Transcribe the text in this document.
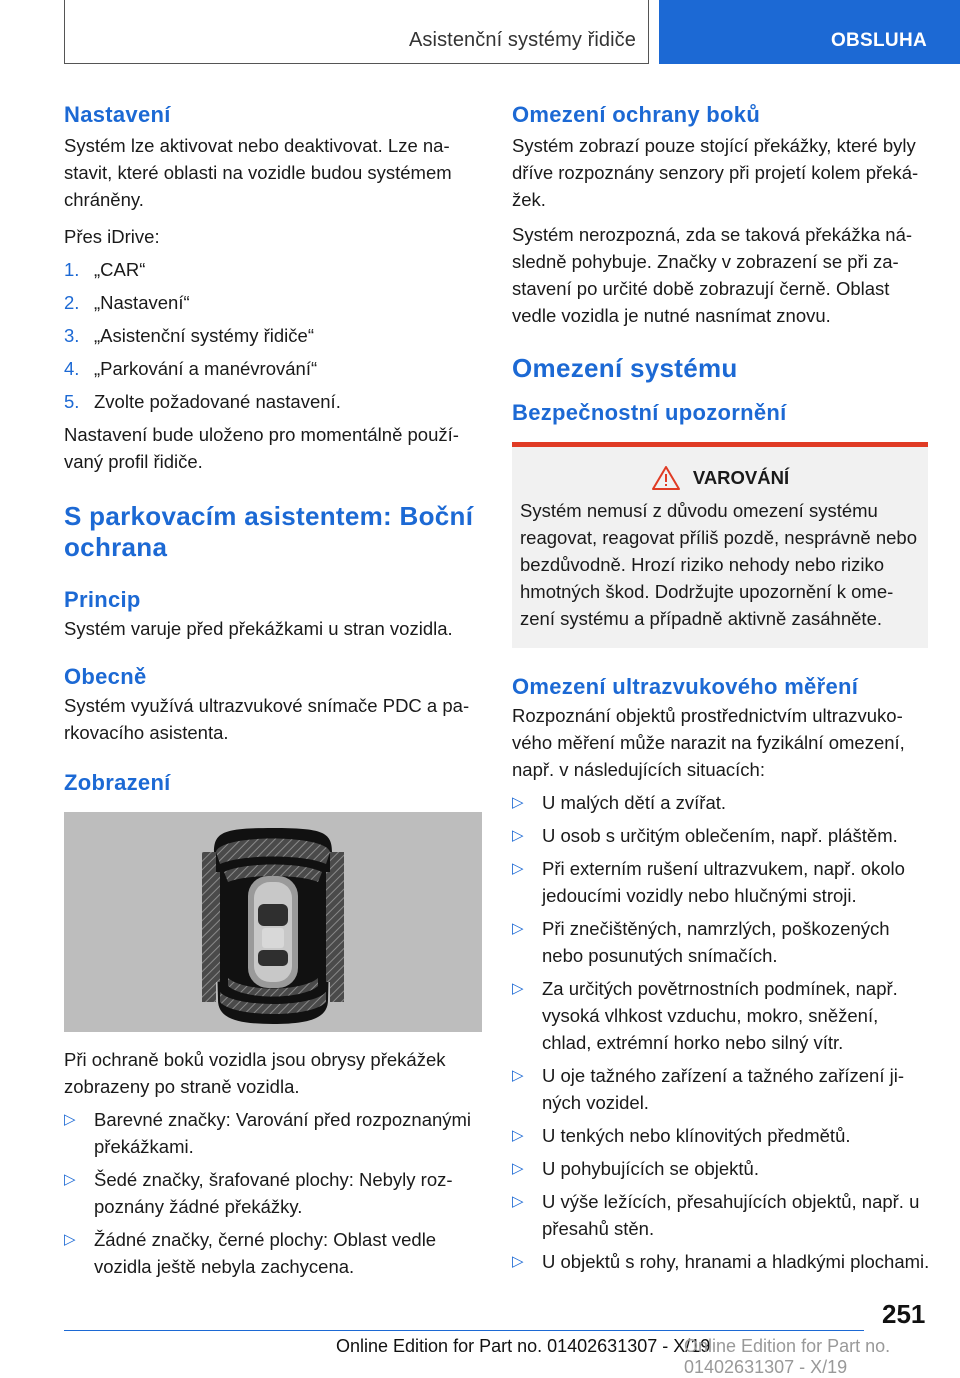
Asistenční systémy řidiče	OBSLUHA
Nastavení

Systém lze aktivovat nebo deaktivovat. Lze nastavit, které oblasti na vozidle budou systémem chráněny.

Přes iDrive:

1. „CAR“
2. „Nastavení“
3. „Asistenční systémy řidiče“
4. „Parkování a manévrování“
5. Zvolte požadované nastavení.

Nastavení bude uloženo pro momentálně používaný profil řidiče.

S parkovacím asistentem: Boční ochrana
Princip

Systém varuje před překážkami u stran vozidla.

Obecně

Systém využívá ultrazvukové snímače PDC a parkovacího asistenta.

Zobrazení

Při ochraně boků vozidla jsou obrysy překážek zobrazeny po straně vozidla.

▷ Barevné značky: Varování před rozpoznanými překážkami.
▷ Šedé značky, šrafované plochy: Nebyly rozpoznány žádné překážky.
▷ Žádné značky, černé plochy: Oblast vedle vozidla ještě nebyla zachycena.
Omezení ochrany boků

Systém zobrazí pouze stojící překážky, které byly dříve rozpoznány senzory při projetí kolem překážek.

Systém nerozpozná, zda se taková překážka následně pohybuje. Značky v zobrazení se při zastavení po určité době zobrazují černě. Oblast vedle vozidla je nutné nasnímat znovu.

Omezení systému
Bezpečnostní upozornění
VAROVÁNÍ

Systém nemusí z důvodu omezení systému reagovat, reagovat příliš pozdě, nesprávně nebo bezdůvodně. Hrozí riziko nehody nebo riziko hmotných škod. Dodržujte upozornění k omezení systému a případně aktivně zasáhněte.

Omezení ultrazvukového měření

Rozpoznání objektů prostřednictvím ultrazvukového měření může narazit na fyzikální omezení, např. v následujících situacích:

▷ U malých dětí a zvířat.
▷ U osob s určitým oblečením, např. pláštěm.
▷ Při externím rušení ultrazvukem, např. okolo jedoucími vozidly nebo hlučnými stroji.
▷ Při znečištěných, namrzlých, poškozených nebo posunutých snímačích.
▷ Za určitých povětrnostních podmínek, např. vysoká vlhkost vzduchu, mokro, sněžení, chlad, extrémní horko nebo silný vítr.
▷ U oje tažného zařízení a tažného zařízení jiných vozidel.
▷ U tenkých nebo klínovitých předmětů.
▷ U pohybujících se objektů.
▷ U výše ležících, přesahujících objektů, např. u přesahů stěn.
▷ U objektů s rohy, hranami a hladkými plochami.
251
Online Edition for Part no. 01402631307 - X/19
Online Edition for Part no. 01402631307 - X/19
